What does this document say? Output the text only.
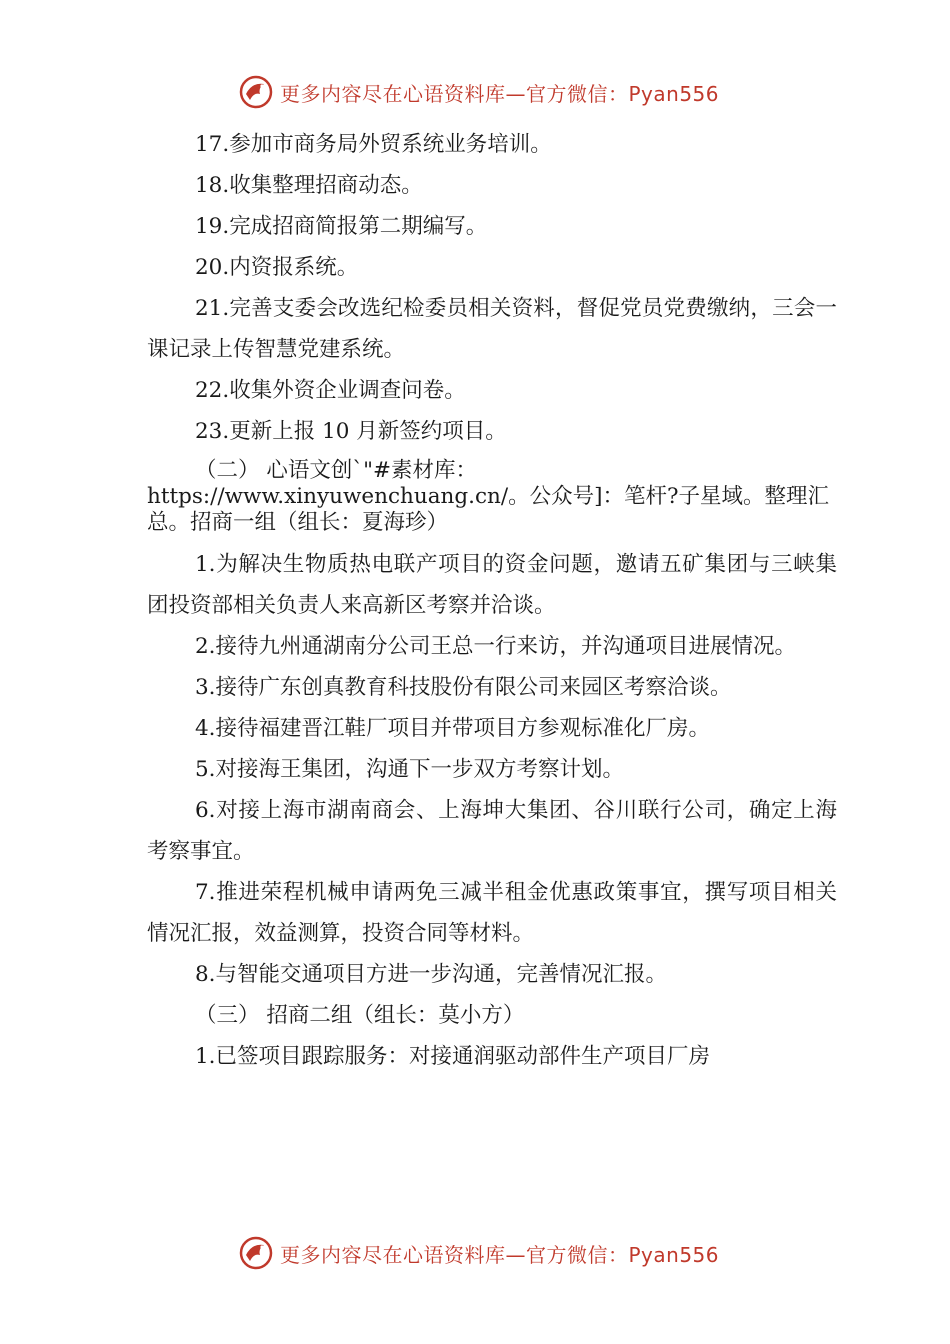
更多内容尽在心语资料库—官方微信：Pyan556

17.参加市商务局外贸系统业务培训。

18.收集整理招商动态。

19.完成招商简报第二期编写。

20.内资报系统。

21.完善支委会改选纪检委员相关资料，督促党员党费缴纳，三会一课记录上传智慧党建系统。

22.收集外资企业调查问卷。

23.更新上报 10 月新签约项目。

（二） 心语文创`"#素材库：
https://www.xinyuwenchuang.cn/。公众号]：笔杆?子星域。整理汇总。招商一组（组长：夏海珍）

1.为解决生物质热电联产项目的资金问题，邀请五矿集团与三峡集团投资部相关负责人来高新区考察并洽谈。

2.接待九州通湖南分公司王总一行来访，并沟通项目进展情况。

3.接待广东创真教育科技股份有限公司来园区考察洽谈。

4.接待福建晋江鞋厂项目并带项目方参观标准化厂房。

5.对接海王集团，沟通下一步双方考察计划。

6.对接上海市湖南商会、上海坤大集团、谷川联行公司，确定上海考察事宜。

7.推进荣程机械申请两免三减半租金优惠政策事宜，撰写项目相关情况汇报，效益测算，投资合同等材料。

8.与智能交通项目方进一步沟通，完善情况汇报。

（三） 招商二组（组长：莫小方）

1.已签项目跟踪服务：对接通润驱动部件生产项目厂房

更多内容尽在心语资料库—官方微信：Pyan556
